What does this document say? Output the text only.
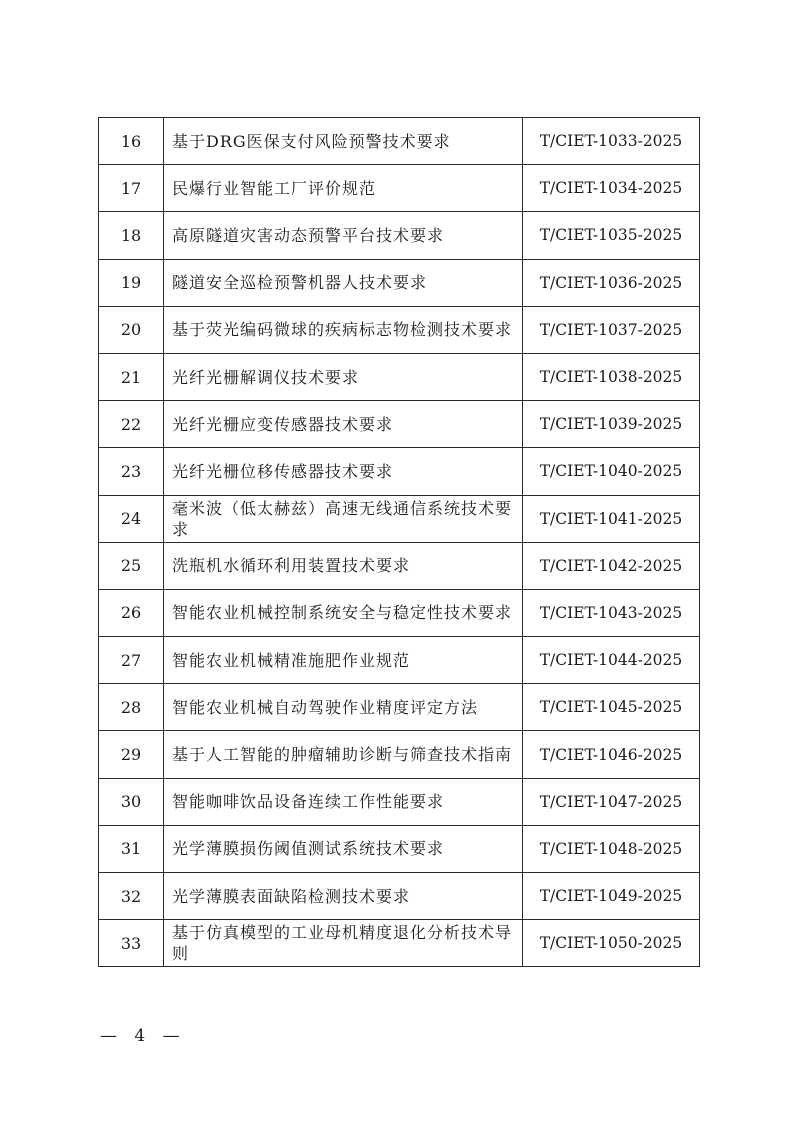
16	基于DRG医保支付风险预警技术要求	T/CIET-1033-2025
17	民爆行业智能工厂评价规范	T/CIET-1034-2025
18	高原隧道灾害动态预警平台技术要求	T/CIET-1035-2025
19	隧道安全巡检预警机器人技术要求	T/CIET-1036-2025
20	基于荧光编码微球的疾病标志物检测技术要求	T/CIET-1037-2025
21	光纤光栅解调仪技术要求	T/CIET-1038-2025
22	光纤光栅应变传感器技术要求	T/CIET-1039-2025
23	光纤光栅位移传感器技术要求	T/CIET-1040-2025
24	毫米波（低太赫兹）高速无线通信系统技术要求	T/CIET-1041-2025
25	洗瓶机水循环利用装置技术要求	T/CIET-1042-2025
26	智能农业机械控制系统安全与稳定性技术要求	T/CIET-1043-2025
27	智能农业机械精准施肥作业规范	T/CIET-1044-2025
28	智能农业机械自动驾驶作业精度评定方法	T/CIET-1045-2025
29	基于人工智能的肿瘤辅助诊断与筛查技术指南	T/CIET-1046-2025
30	智能咖啡饮品设备连续工作性能要求	T/CIET-1047-2025
31	光学薄膜损伤阈值测试系统技术要求	T/CIET-1048-2025
32	光学薄膜表面缺陷检测技术要求	T/CIET-1049-2025
33	基于仿真模型的工业母机精度退化分析技术导则	T/CIET-1050-2025
— 4 —
